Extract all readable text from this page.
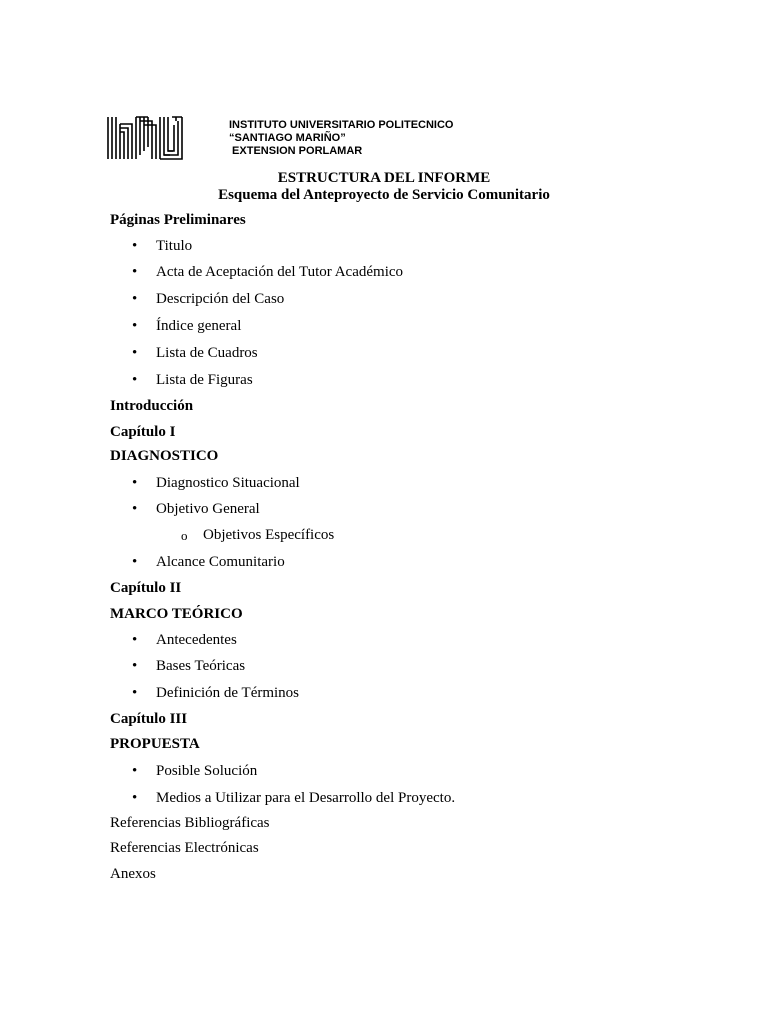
INSTITUTO UNIVERSITARIO POLITECNICO
“SANTIAGO MARIÑO”
EXTENSION PORLAMAR
ESTRUCTURA DEL INFORME
Esquema del Anteproyecto de Servicio Comunitario
Páginas Preliminares
• Titulo
• Acta de Aceptación del Tutor Académico
• Descripción del Caso
• Índice general
• Lista de Cuadros
• Lista de Figuras
Introducción
Capítulo I
DIAGNOSTICO
• Diagnostico Situacional
• Objetivo General
o Objetivos Específicos
• Alcance Comunitario
Capítulo II
MARCO TEÓRICO
• Antecedentes
• Bases Teóricas
• Definición de Términos
Capítulo III
PROPUESTA
• Posible Solución
• Medios a Utilizar para el Desarrollo del Proyecto.
Referencias Bibliográficas
Referencias Electrónicas
Anexos
